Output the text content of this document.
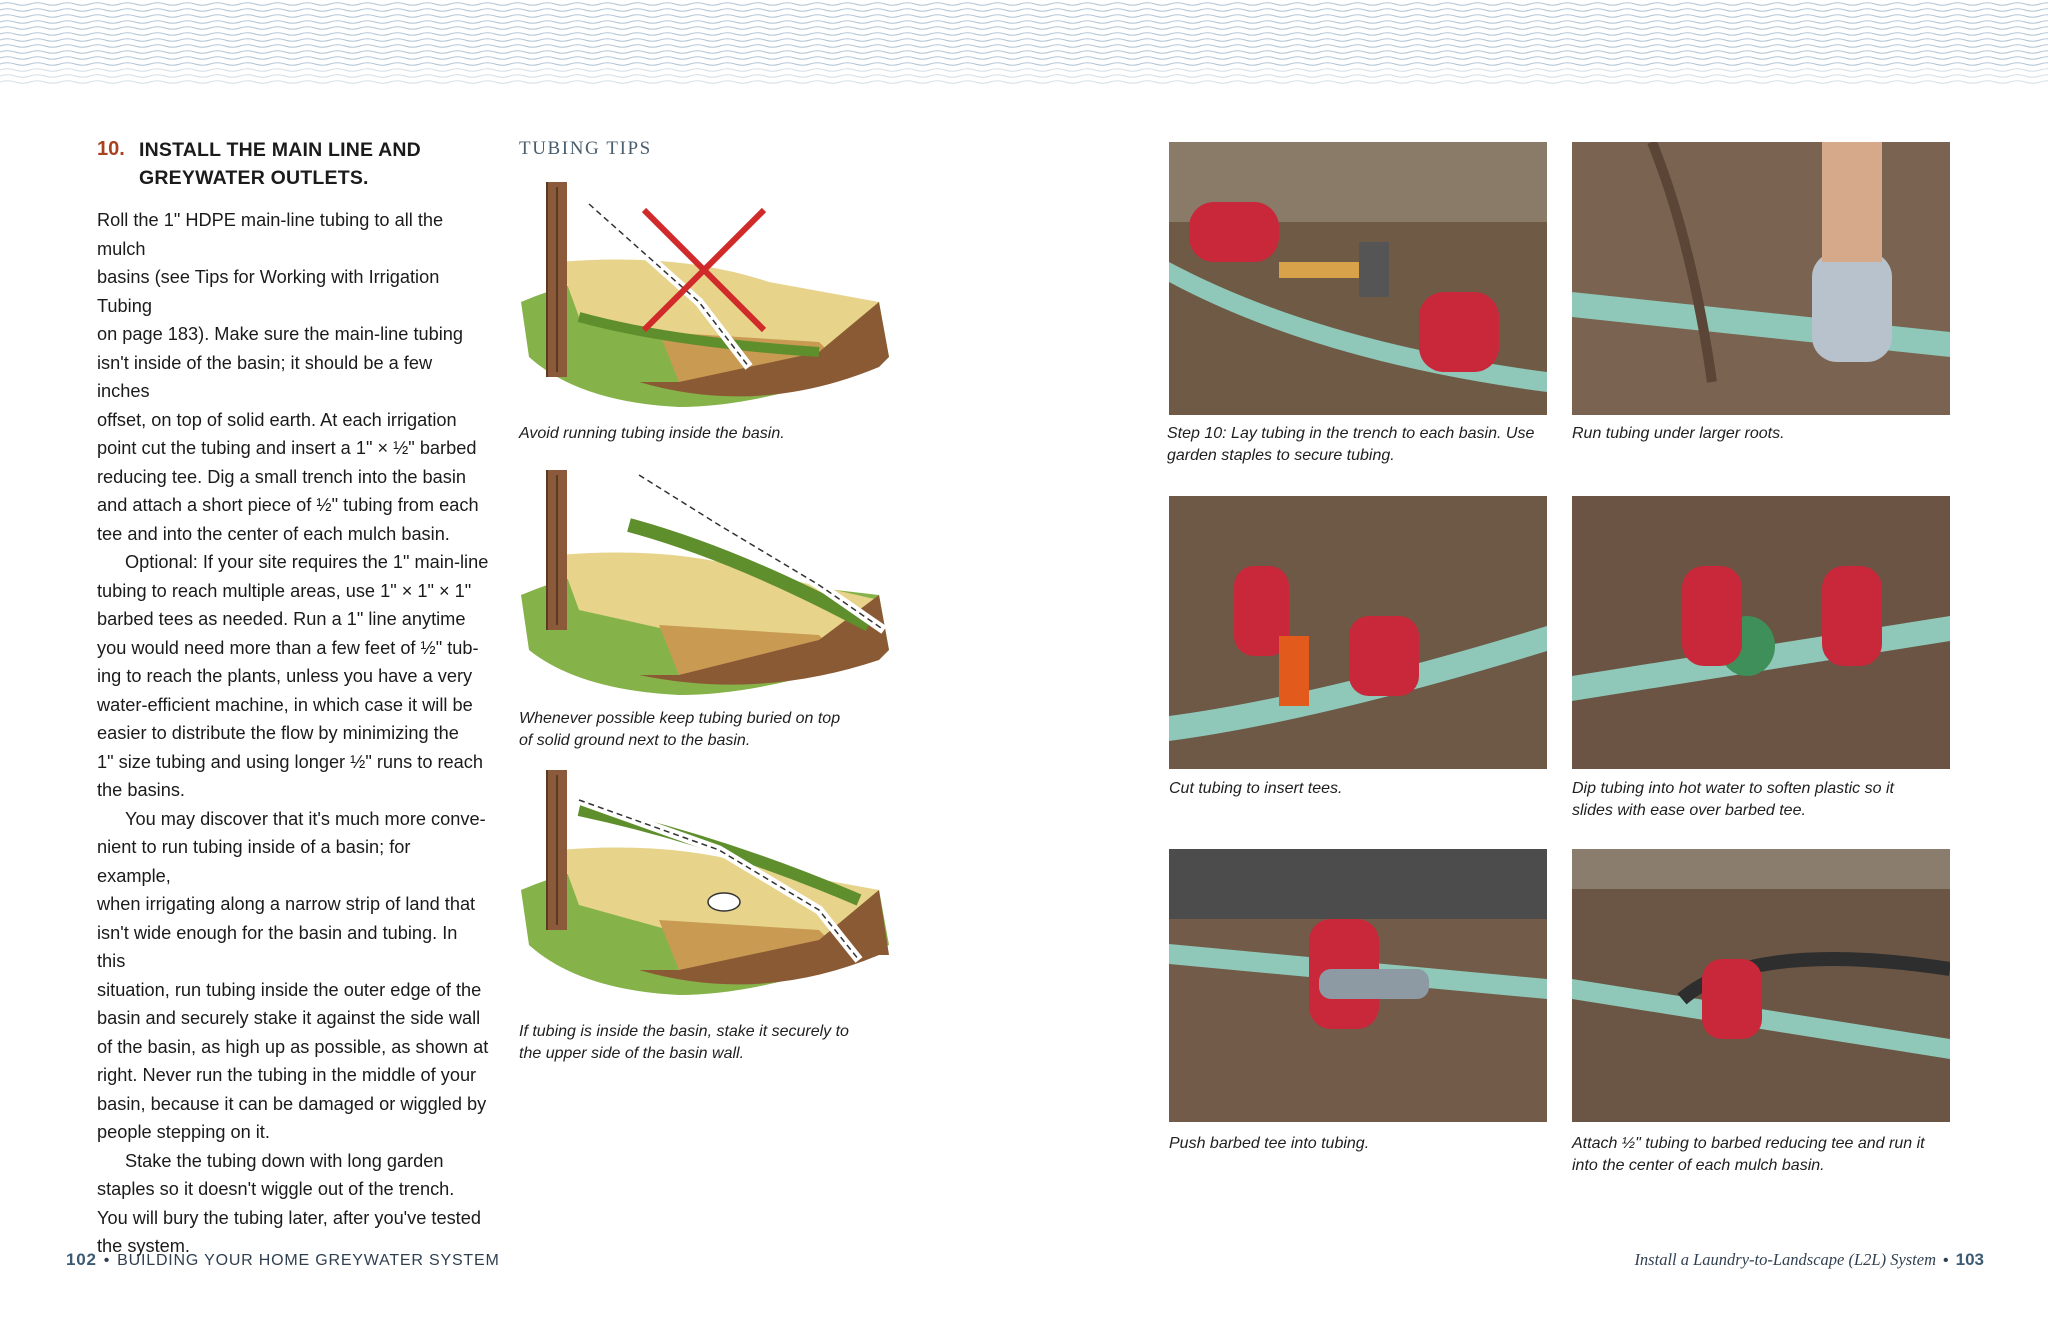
10. INSTALL THE MAIN LINE AND
GREYWATER OUTLETS.

Roll the 1" HDPE main-line tubing to all the mulch
basins (see Tips for Working with Irrigation Tubing
on page 183). Make sure the main-line tubing
isn't inside of the basin; it should be a few inches
offset, on top of solid earth. At each irrigation
point cut the tubing and insert a 1" × ½" barbed
reducing tee. Dig a small trench into the basin
and attach a short piece of ½" tubing from each
tee and into the center of each mulch basin.

Optional: If your site requires the 1" main-line
tubing to reach multiple areas, use 1" × 1" × 1"
barbed tees as needed. Run a 1" line anytime
you would need more than a few feet of ½" tub-
ing to reach the plants, unless you have a very
water-efficient machine, in which case it will be
easier to distribute the flow by minimizing the
1" size tubing and using longer ½" runs to reach
the basins.

You may discover that it's much more conve-
nient to run tubing inside of a basin; for example,
when irrigating along a narrow strip of land that
isn't wide enough for the basin and tubing. In this
situation, run tubing inside the outer edge of the
basin and securely stake it against the side wall
of the basin, as high up as possible, as shown at
right. Never run the tubing in the middle of your
basin, because it can be damaged or wiggled by
people stepping on it.

Stake the tubing down with long garden
staples so it doesn't wiggle out of the trench.
You will bury the tubing later, after you've tested
the system.

TUBING TIPS
Avoid running tubing inside the basin.
Whenever possible keep tubing buried on top
of solid ground next to the basin.
If tubing is inside the basin, stake it securely to
the upper side of the basin wall.
Step 10: Lay tubing in the trench to each basin. Use
garden staples to secure tubing.
Run tubing under larger roots.
Cut tubing to insert tees.	Dip tubing into hot water to soften plastic so it
slides with ease over barbed tee.
Push barbed tee into tubing.	Attach ½" tubing to barbed reducing tee and run it
into the center of each mulch basin.
102 • BUILDING YOUR HOME GREYWATER SYSTEM	Install a Laundry-to-Landscape (L2L) System • 103
